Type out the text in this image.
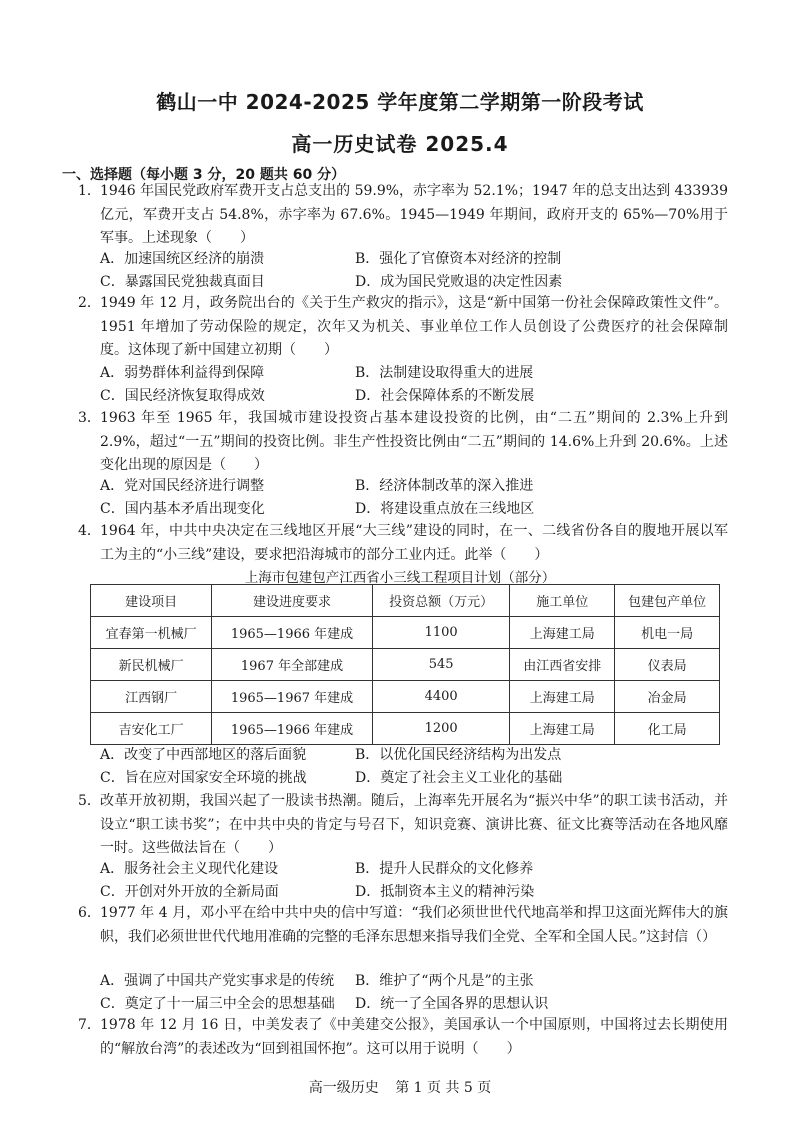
鹤山一中 2024-2025 学年度第二学期第一阶段考试
高一历史试卷 2025.4
一、选择题（每小题 3 分，20 题共 60 分）
1． 1946 年国民党政府军费开支占总支出的 59.9%，赤字率为 52.1%；1947 年的总支出达到 433939 亿元，军费开支占 54.8%，赤字率为 67.6%。1945—1949 年期间，政府开支的 65%—70%用于军事。上述现象（　　）
A．加速国统区经济的崩溃	B．强化了官僚资本对经济的控制
C．暴露国民党独裁真面目	D．成为国民党败退的决定性因素
2． 1949 年 12 月，政务院出台的《关于生产救灾的指示》，这是“新中国第一份社会保障政策性文件”。1951 年增加了劳动保险的规定，次年又为机关、事业单位工作人员创设了公费医疗的社会保障制度。这体现了新中国建立初期（　　）
A．弱势群体利益得到保障	B．法制建设取得重大的进展
C．国民经济恢复取得成效	D．社会保障体系的不断发展
3． 1963 年至 1965 年，我国城市建设投资占基本建设投资的比例，由“二五”期间的 2.3%上升到 2.9%，超过“一五”期间的投资比例。非生产性投资比例由“二五”期间的 14.6%上升到 20.6%。上述变化出现的原因是（　　）
A．党对国民经济进行调整	B．经济体制改革的深入推进
C．国内基本矛盾出现变化	D．将建设重点放在三线地区
4． 1964 年，中共中央决定在三线地区开展“大三线”建设的同时，在一、二线省份各自的腹地开展以军工为主的“小三线”建设，要求把沿海城市的部分工业内迁。此举（　　）
上海市包建包产江西省小三线工程项目计划（部分）
建设项目	建设进度要求	投资总额（万元）	施工单位	包建包产单位
宜春第一机械厂	1965—1966 年建成	1100	上海建工局	机电一局
新民机械厂	1967 年全部建成	545	由江西省安排	仪表局
江西钢厂	1965—1967 年建成	4400	上海建工局	冶金局
吉安化工厂	1965—1966 年建成	1200	上海建工局	化工局
A．改变了中西部地区的落后面貌	B．以优化国民经济结构为出发点
C．旨在应对国家安全环境的挑战	D．奠定了社会主义工业化的基础
5． 改革开放初期，我国兴起了一股读书热潮。随后，上海率先开展名为“振兴中华”的职工读书活动，并设立“职工读书奖”；在中共中央的肯定与号召下，知识竞赛、演讲比赛、征文比赛等活动在各地风靡一时。这些做法旨在（　　）
A．服务社会主义现代化建设	B．提升人民群众的文化修养
C．开创对外开放的全新局面	D．抵制资本主义的精神污染
6． 1977 年 4 月，邓小平在给中共中央的信中写道：“我们必须世世代代地高举和捍卫这面光辉伟大的旗帜，我们必须世世代代地用准确的完整的毛泽东思想来指导我们全党、全军和全国人民。”这封信（）
A．强调了中国共产党实事求是的传统	B．维护了“两个凡是”的主张
C．奠定了十一届三中全会的思想基础	D．统一了全国各界的思想认识
7． 1978 年 12 月 16 日，中美发表了《中美建交公报》，美国承认一个中国原则，中国将过去长期使用的“解放台湾”的表述改为“回到祖国怀抱”。这可以用于说明（　　）
高一级历史 第 1 页 共 5 页
